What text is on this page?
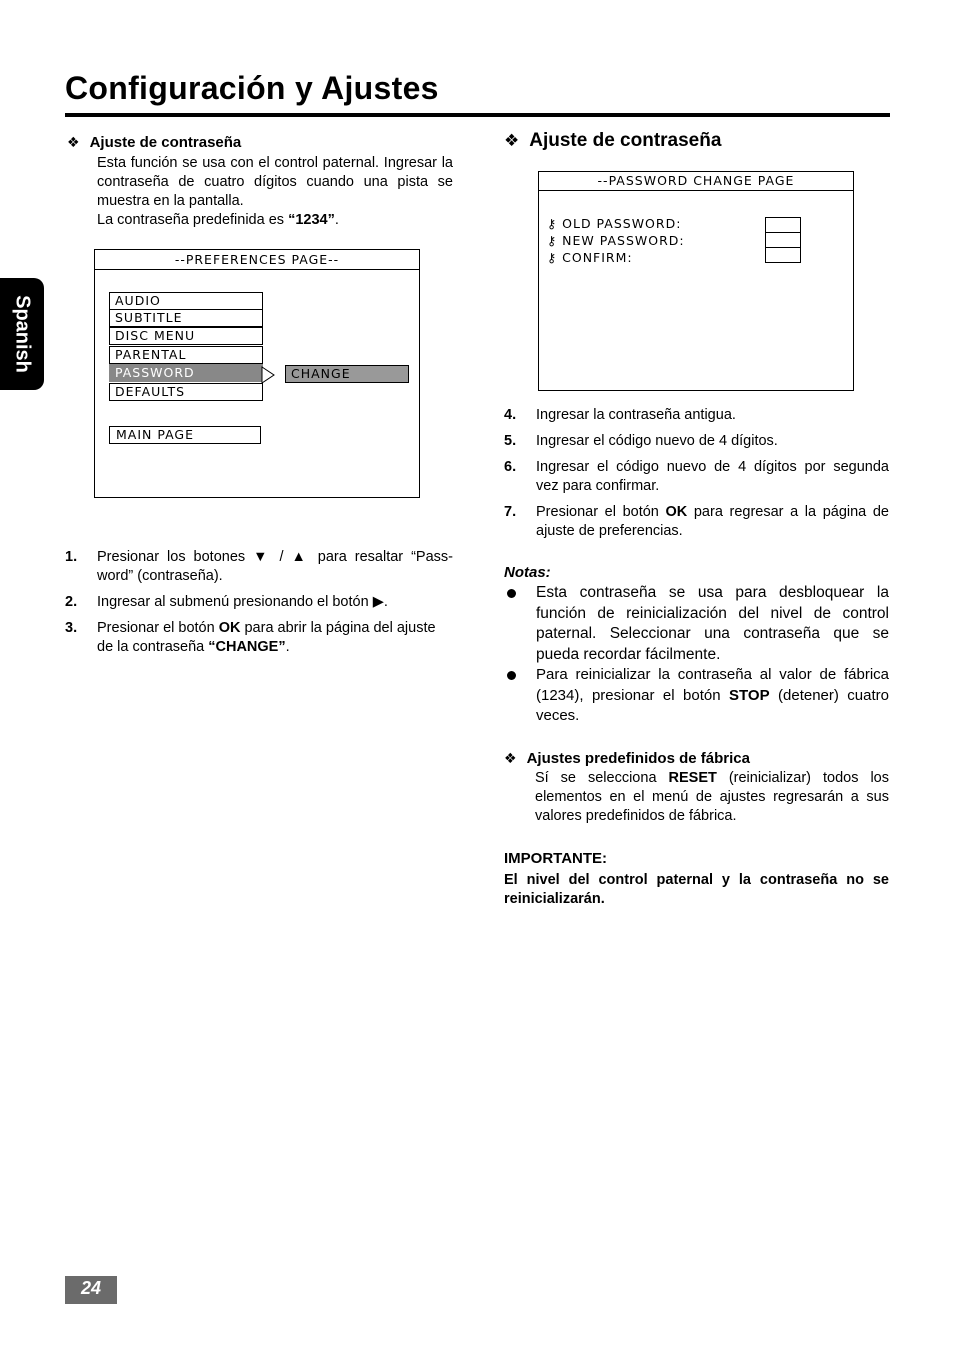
Configuración y Ajustes
Spanish
❖ Ajuste de contraseña
Esta función se usa con el control paternal. Ingresar la
contraseña de cuatro dígitos cuando una pista se
muestra en la pantalla.
La contraseña predefinida es “1234”.
--PREFERENCES PAGE--
AUDIO
SUBTITLE
DISC MENU
PARENTAL
PASSWORD
DEFAULTS
CHANGE
MAIN PAGE
1. Presionar los botones ▼ / ▲ para resaltar “Pass-
word” (contraseña).
2. Ingresar al submenú presionando el botón ▶.
3. Presionar el botón OK para abrir la página del ajuste
de la contraseña “CHANGE”.
❖ Ajuste de contraseña
--PASSWORD CHANGE PAGE
⚷ OLD PASSWORD:
⚷ NEW PASSWORD:
⚷ CONFIRM:
4. Ingresar la contraseña antigua.
5. Ingresar el código nuevo de 4 dígitos.
6. Ingresar el código nuevo de 4 dígitos por segunda
vez para confirmar.
7. Presionar el botón OK para regresar a la página de
ajuste de preferencias.
Notas:
Esta contraseña se usa para desbloquear la
función de reinicialización del nivel de control
paternal. Seleccionar una contraseña que se
pueda recordar fácilmente.
Para reinicializar la contraseña al valor de fábrica
(1234), presionar el botón STOP (detener) cuatro
veces.
❖ Ajustes predefinidos de fábrica
Sí se selecciona RESET (reinicializar) todos los
elementos en el menú de ajustes regresarán a sus
valores predefinidos de fábrica.
IMPORTANTE:
El nivel del control paternal y la contraseña no se
reinicializarán.
24
